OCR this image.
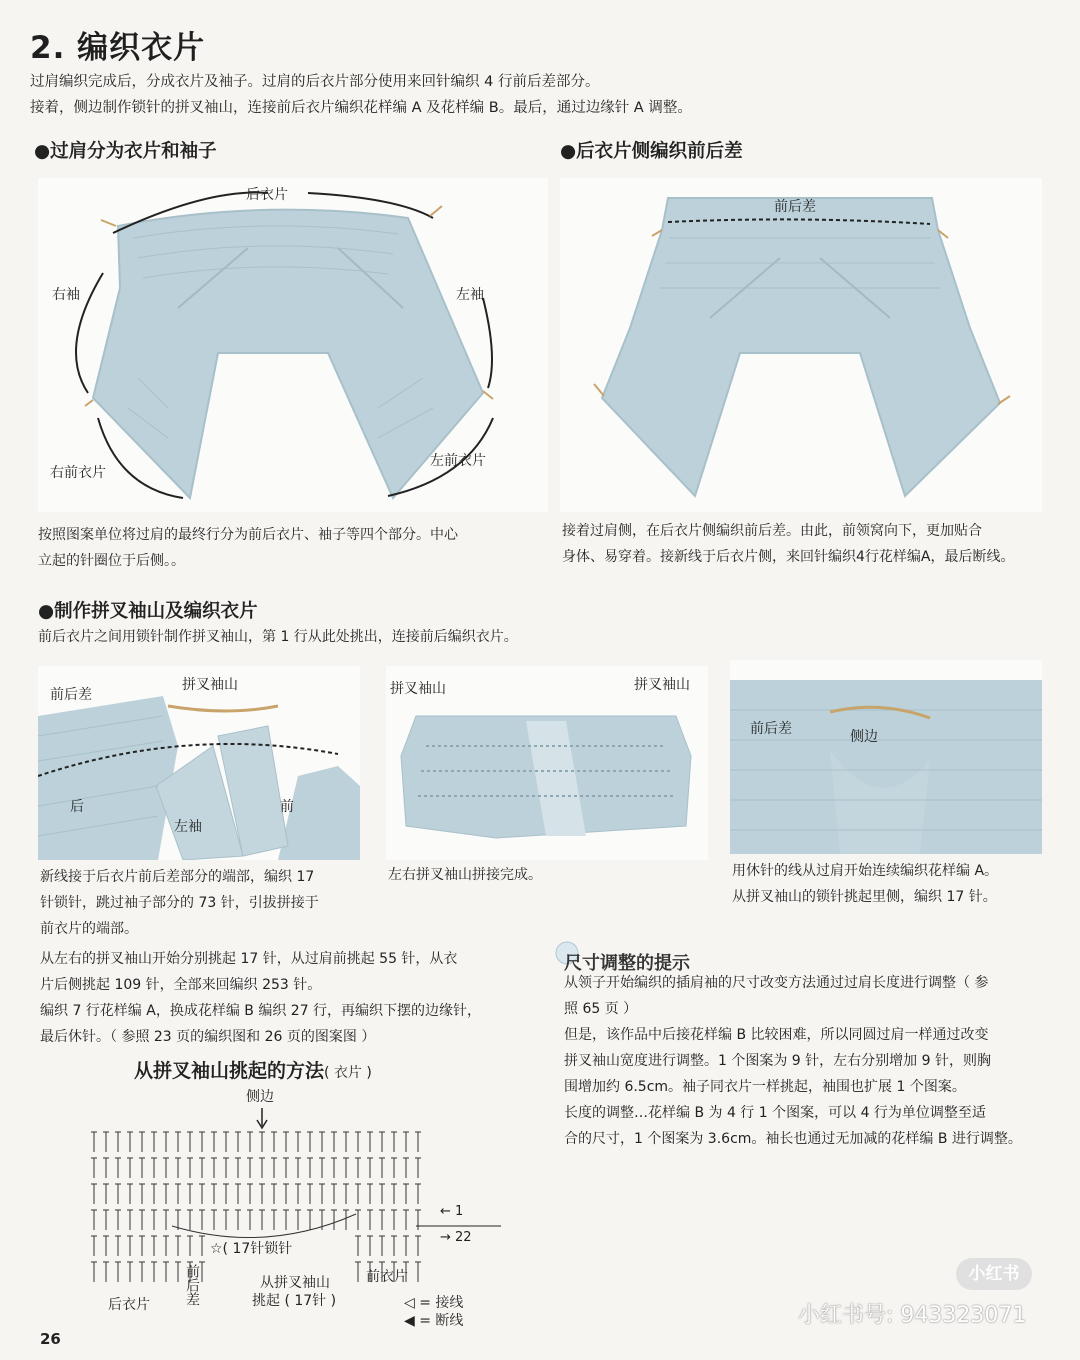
2. 编织衣片
过肩编织完成后，分成衣片及袖子。过肩的后衣片部分使用来回针编织 4 行前后差部分。
接着，侧边制作锁针的拼叉袖山，连接前后衣片编织花样编 A 及花样编 B。最后，通过边缘针 A 调整。
●过肩分为衣片和袖子
后衣片
右袖	左袖
右前衣片
左前衣片
按照图案单位将过肩的最终行分为前后衣片、袖子等四个部分。中心
立起的针圈位于后侧。。
●后衣片侧编织前后差
前后差
接着过肩侧，在后衣片侧编织前后差。由此，前领窝向下，更加贴合
身体、易穿着。接新线于后衣片侧，来回针编织4行花样编A，最后断线。
●制作拼叉袖山及编织衣片
前后衣片之间用锁针制作拼叉袖山，第 1 行从此处挑出，连接前后编织衣片。
前后差
拼叉袖山
后
左袖
前
拼叉袖山	拼叉袖山
前后差	侧边
新线接于后衣片前后差部分的端部，编织 17
针锁针，跳过袖子部分的 73 针，引拔拼接于
前衣片的端部。
左右拼叉袖山拼接完成。	用休针的线从过肩开始连续编织花样编 A。
从拼叉袖山的锁针挑起里侧，编织 17 针。
从左右的拼叉袖山开始分别挑起 17 针，从过肩前挑起 55 针，从衣
片后侧挑起 109 针，全部来回编织 253 针。
编织 7 行花样编 A，换成花样编 B 编织 27 行，再编织下摆的边缘针，
最后休针。（ 参照 23 页的编织图和 26 页的图案图 ）
从拼叉袖山挑起的方法( 衣片 )
侧边
☆( 17针锁针
← 1
→ 22
后衣片 前后差	从拼叉袖山
挑起 ( 17针 )
前衣片
◁ = 接线
◀ = 断线
尺寸调整的提示

从领子开始编织的插肩袖的尺寸改变方法通过过肩长度进行调整（ 参

照 65 页 ）

但是，该作品中后接花样编 B 比较困难，所以同圆过肩一样通过改变

拼叉袖山宽度进行调整。1 个图案为 9 针，左右分别增加 9 针，则胸

围增加约 6.5cm。袖子同衣片一样挑起，袖围也扩展 1 个图案。

长度的调整…花样编 B 为 4 行 1 个图案，可以 4 行为单位调整至适

合的尺寸，1 个图案为 3.6cm。袖长也通过无加减的花样编 B 进行调整。

小红书
小红书号: 943323071
26
